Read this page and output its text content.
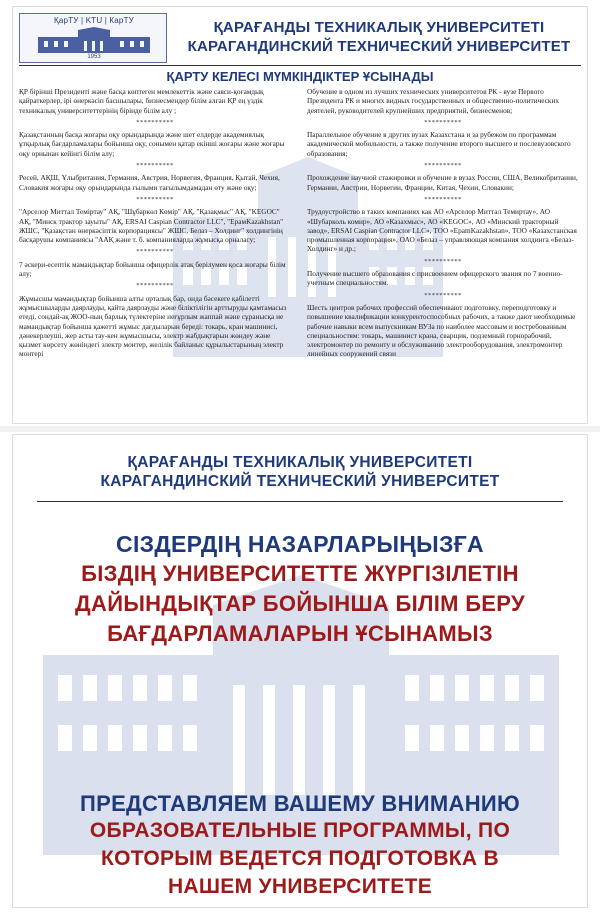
ҚарТУ | KTU | КарТУ
1953
ҚАРАҒАНДЫ ТЕХНИКАЛЫҚ УНИВЕРСИТЕТІ
КАРАГАНДИНСКИЙ ТЕХНИЧЕСКИЙ УНИВЕРСИТЕТ
ҚАРТУ КЕЛЕСІ МҮМКІНДІКТЕР ҰСЫНАДЫ
ҚР бірінші Президенті және басқа көптеген мемлекеттік және саяси-қоғамдық қайраткерлер, ірі өнеркәсіп басшылары, бизнесмендер білім алған ҚР ең үздік техникалық университеттерінің бірінде білім алу ;
**********
Қазақстанның басқа жоғары оқу орындарында және шет елдерде академиялық ұтқырлық бағдарламалары бойынша оқу, сонымен қатар екінші жоғары және жоғары оқу орнынан кейінгі білім алу;
**********
Ресей, АҚШ, Ұлыбритания, Германия, Австрия, Норвегия, Франция, Қытай, Чехия, Словакия жоғары оқу орындарында ғылыми тағылымдамадан өту және оқу;
**********
"Арселор Миттал Теміртау" АҚ, "Шұбаркөл Көмір" АҚ, "Қазақмыс" АҚ, "KEGOC" АҚ, "Минск трактор зауыты" АҚ, ERSAI Caspian Contractor LLC", "ЕрамKazakhstan" ЖШС, "Қазақстан өнеркәсіптік корпорациясы" ЖШС, Белаз – Холдинг" холдингінің басқарушы компаниясы "ААҚ және т. б. компанияларда жұмысқа орналасу;
**********
7 әскери-есептік мамандықтар бойынша офицерлік атақ берілумен қоса жоғары білім алу;
**********
Жұмысшы мамандықтар бойынша алты орталық бар, онда бәсекеге қабілетті жұмысшыларды даярлауды, қайта даярлауды және біліктілігін арттыруды қамтамасыз етеді, сондай-ақ ЖОО-ның барлық түлектеріне неғұрлым жаппай және сұранысқа ие мамандықтар бойынша қажетті жұмыс дағдыларын береді: токарь, кран машинисі, дәнекерлеуші, жер асты тау-кен жұмысшысы, электр жабдықтарын жөндеу және қызмет көрсету жөніндегі электр монтер, желілік байланыс құрылыстарының электр монтері
Обучение в одном из лучших технических университетов РК - вузе Первого Президента РК и многих видных государственных и общественно-политических деятелей, руководителей крупнейших предприятий, бизнесменов;
**********
Параллельное обучение в других вузах Казахстана и за рубежом по программам академической мобильности, а также получение второго высшего и послевузовского образования;
**********
Прохождение научной стажировки и обучение в вузах России, США, Великобритании, Германии, Австрии, Норвегии, Франции, Китая, Чехии, Словакии;
**********
Трудоустройство в таких компаниях как АО «Арселор Миттал Темиртау», АО «Шубарколь комир», АО «Казахмыс», АО «KEGOC», АО «Минский тракторный завод», ERSAI Caspian Contractor LLC», ТОО «EpamKazakhstan», ТОО «Казахстанская промышленная корпорация», ОАО «Белаз – управляющая компания холдинга «Белаз-Холдинг» и др.;
**********
Получение высшего образования с присвоением офицерского звания по 7 военно-учетным специальностям.
**********
Шесть центров рабочих профессий обеспечивают подготовку, переподготовку и повышение квалификации конкурентоспособных рабочих, а также дают необходимые рабочие навыки всем выпускникам ВУЗа по наиболее массовым и востребованным специальностям: токарь, машинист крана, сварщик, подземный горнорабочий, электромонтер по ремонту и обслуживанию электрооборудования, электромонтер линейных сооружений связи
ҚАРАҒАНДЫ ТЕХНИКАЛЫҚ УНИВЕРСИТЕТІ
КАРАГАНДИНСКИЙ ТЕХНИЧЕСКИЙ УНИВЕРСИТЕТ
СІЗДЕРДІҢ НАЗАРЛАРЫҢЫЗҒА
БІЗДІҢ УНИВЕРСИТЕТТЕ ЖҮРГІЗІЛЕТІН
ДАЙЫНДЫҚТАР БОЙЫНША БІЛІМ БЕРУ
БАҒДАРЛАМАЛАРЫН ҰСЫНАМЫЗ
ПРЕДСТАВЛЯЕМ ВАШЕМУ ВНИМАНИЮ
ОБРАЗОВАТЕЛЬНЫЕ ПРОГРАММЫ, ПО
КОТОРЫМ ВЕДЕТСЯ ПОДГОТОВКА В
НАШЕМ УНИВЕРСИТЕТЕ
